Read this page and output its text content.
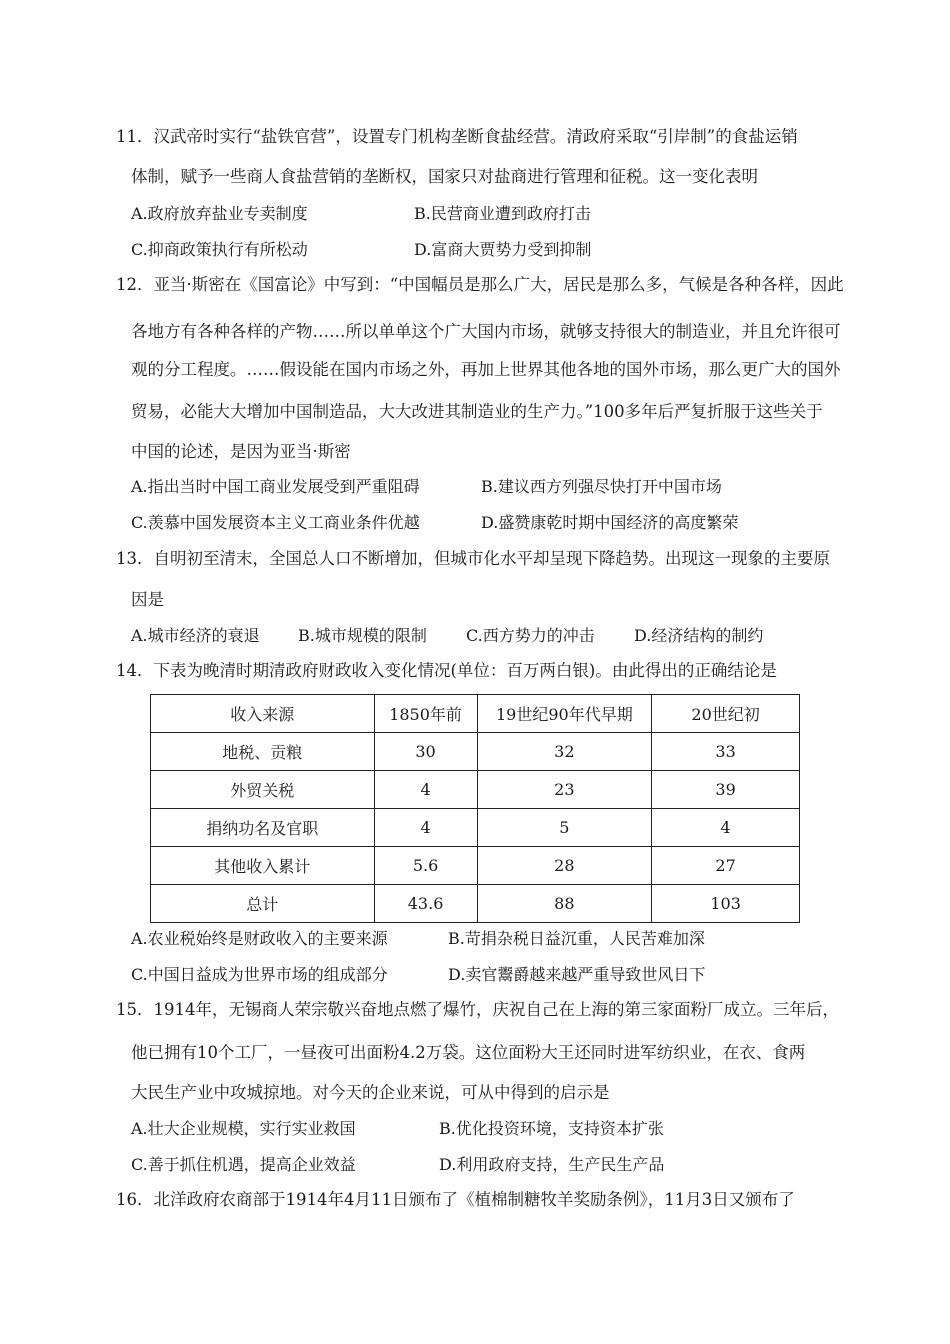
11．汉武帝时实行“盐铁官营”，设置专门机构垄断食盐经营。清政府采取“引岸制”的食盐运销
体制，赋予一些商人食盐营销的垄断权，国家只对盐商进行管理和征税。这一变化表明
A.政府放弃盐业专卖制度	B.民营商业遭到政府打击
C.抑商政策执行有所松动	D.富商大贾势力受到抑制
12．亚当·斯密在《国富论》中写到：“中国幅员是那么广大，居民是那么多，气候是各种各样，因此
各地方有各种各样的产物……所以单单这个广大国内市场，就够支持很大的制造业，并且允许很可
观的分工程度。……假设能在国内市场之外，再加上世界其他各地的国外市场，那么更广大的国外
贸易，必能大大增加中国制造品，大大改进其制造业的生产力。”100多年后严复折服于这些关于
中国的论述，是因为亚当·斯密
A.指出当时中国工商业发展受到严重阻碍	B.建议西方列强尽快打开中国市场
C.羡慕中国发展资本主义工商业条件优越	D.盛赞康乾时期中国经济的高度繁荣
13．自明初至清末，全国总人口不断增加，但城市化水平却呈现下降趋势。出现这一现象的主要原
因是
A.城市经济的衰退 B.城市规模的限制 C.西方势力的冲击 D.经济结构的制约
14．下表为晚清时期清政府财政收入变化情况(单位：百万两白银)。由此得出的正确结论是
收入来源	1850年前	19世纪90年代早期	20世纪初
地税、贡粮	30	32	33
外贸关税	4	23	39
捐纳功名及官职	4	5	4
其他收入累计	5.6	28	27
总计	43.6	88	103
A.农业税始终是财政收入的主要来源	B.苛捐杂税日益沉重，人民苦难加深
C.中国日益成为世界市场的组成部分	D.卖官鬻爵越来越严重导致世风日下
15．1914年，无锡商人荣宗敬兴奋地点燃了爆竹，庆祝自己在上海的第三家面粉厂成立。三年后，
他已拥有10个工厂，一昼夜可出面粉4.2万袋。这位面粉大王还同时进军纺织业，在衣、食两
大民生产业中攻城掠地。对今天的企业来说，可从中得到的启示是
A.壮大企业规模，实行实业救国	B.优化投资环境，支持资本扩张
C.善于抓住机遇，提高企业效益	D.利用政府支持，生产民生产品
16．北洋政府农商部于1914年4月11日颁布了《植棉制糖牧羊奖励条例》，11月3日又颁布了
